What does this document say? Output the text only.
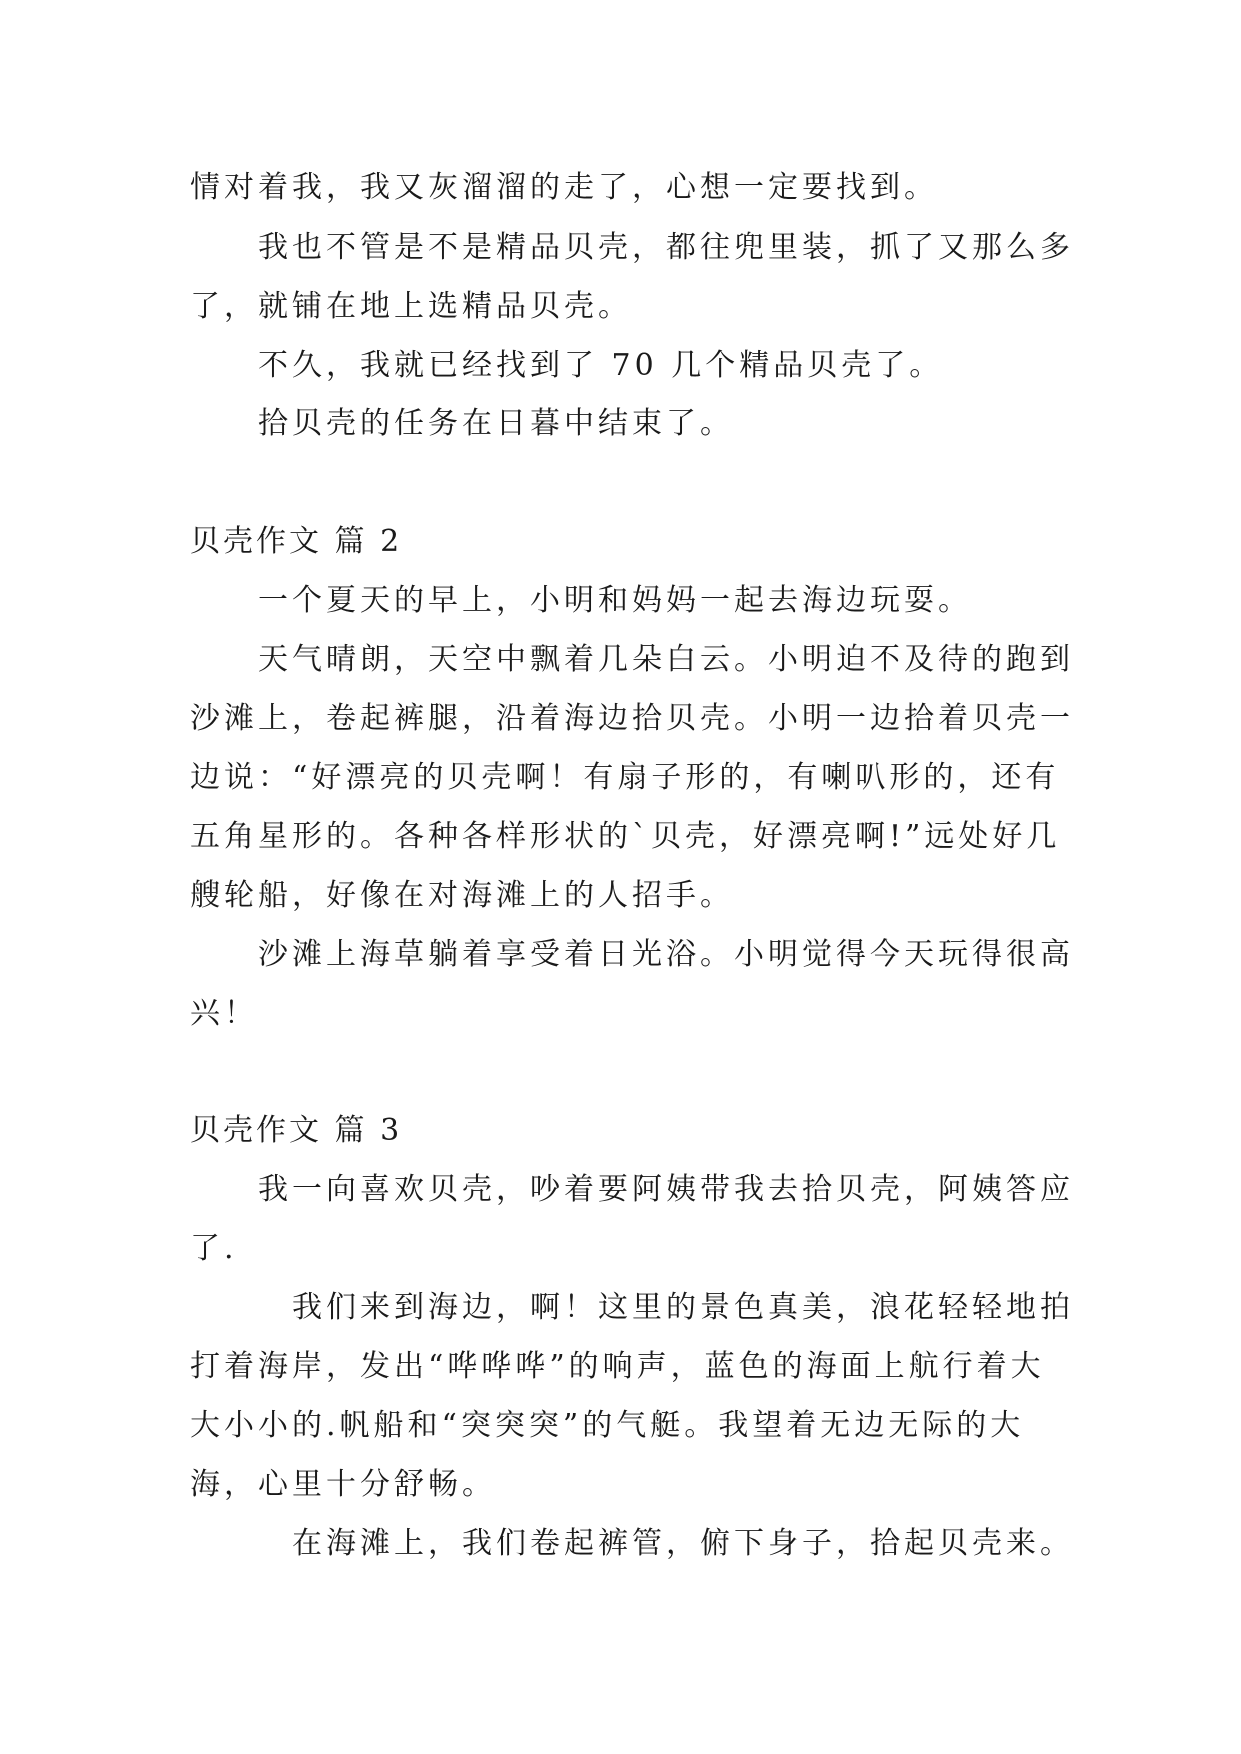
情对着我，我又灰溜溜的走了，心想一定要找到。
我也不管是不是精品贝壳，都往兜里装，抓了又那么多
了，就铺在地上选精品贝壳。
不久，我就已经找到了 70 几个精品贝壳了。
拾贝壳的任务在日暮中结束了。
贝壳作文 篇 2
一个夏天的早上，小明和妈妈一起去海边玩耍。
天气晴朗，天空中飘着几朵白云。小明迫不及待的跑到
沙滩上，卷起裤腿，沿着海边拾贝壳。小明一边拾着贝壳一
边说：“好漂亮的贝壳啊！有扇子形的，有喇叭形的，还有
五角星形的。各种各样形状的`贝壳，好漂亮啊!”远处好几
艘轮船，好像在对海滩上的人招手。
沙滩上海草躺着享受着日光浴。小明觉得今天玩得很高
兴！
贝壳作文 篇 3
我一向喜欢贝壳，吵着要阿姨带我去拾贝壳，阿姨答应
了.
我们来到海边，啊！这里的景色真美，浪花轻轻地拍
打着海岸，发出“哗哗哗”的响声，蓝色的海面上航行着大
大小小的.帆船和“突突突”的气艇。我望着无边无际的大
海，心里十分舒畅。
在海滩上，我们卷起裤管，俯下身子，拾起贝壳来。
